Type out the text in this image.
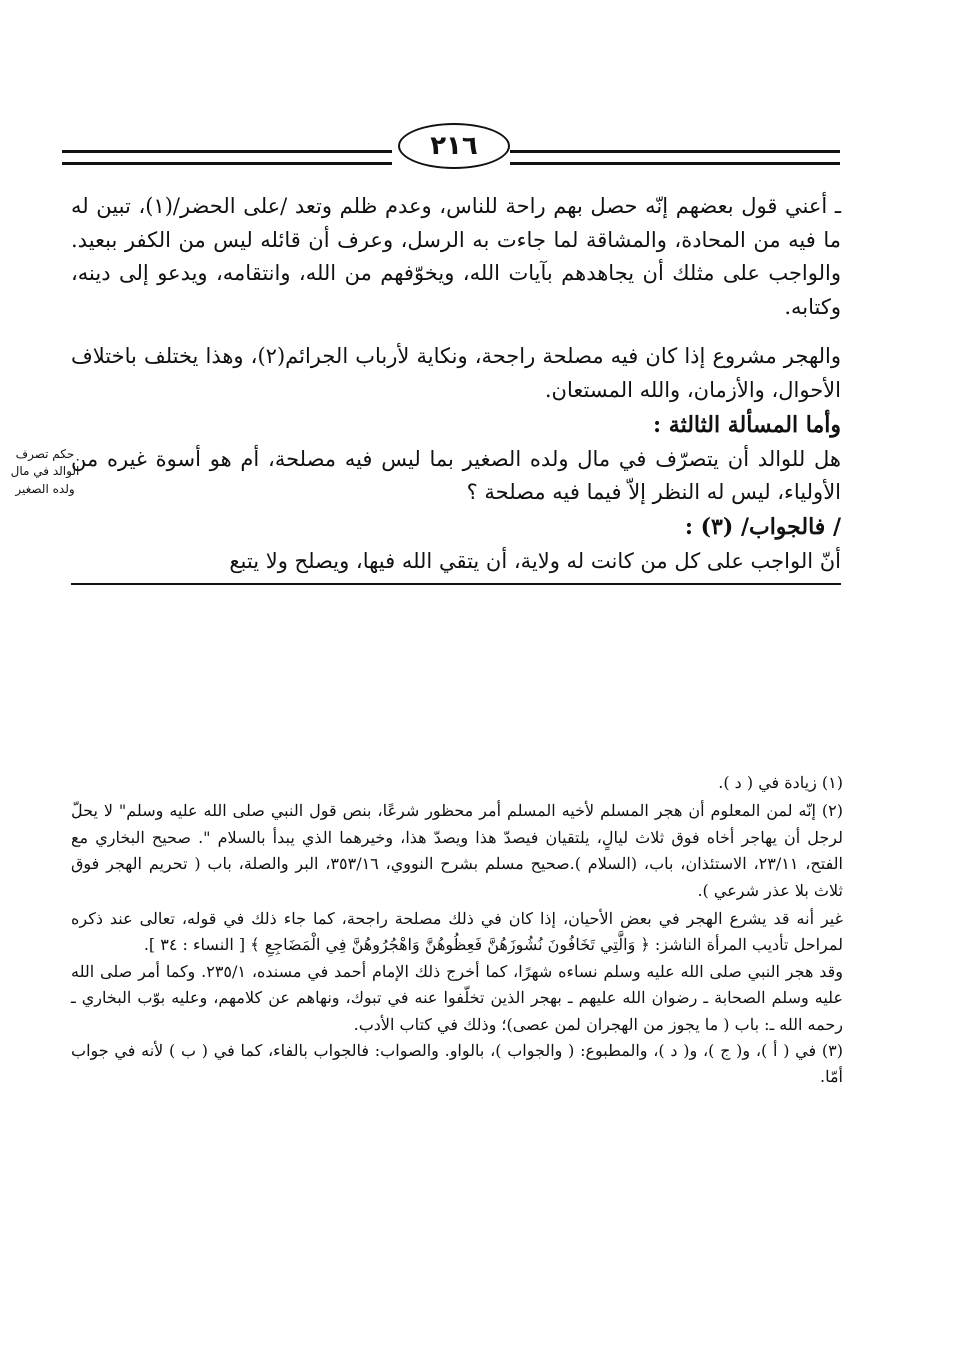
٢١٦

ـ أعني قول بعضهم إنّه حصل بهم راحة للناس، وعدم ظلم وتعد /على الحضر/(١)، تبين له ما فيه من المحادة، والمشاقة لما جاءت به الرسل، وعرف أن قائله ليس من الكفر ببعيد. والواجب على مثلك أن يجاهدهم بآيات الله، ويخوّفهم من الله، وانتقامه، ويدعو إلى دينه، وكتابه.

والهجر مشروع إذا كان فيه مصلحة راجحة، ونكاية لأرباب الجرائم(٢)، وهذا يختلف باختلاف الأحوال، والأزمان، والله المستعان.

وأما المسألة الثالثة :

هل للوالد أن يتصرّف في مال ولده الصغير بما ليس فيه مصلحة، أم هو أسوة غيره من الأولياء، ليس له النظر إلاّ فيما فيه مصلحة ؟

/ فالجواب/ (٣) :

أنّ الواجب على كل من كانت له ولاية، أن يتقي الله فيها، ويصلح ولا يتبع

حكم تصرف الوالد في مال ولده الصغير

(١) زيادة في ( د ).

(٢) إنّه لمن المعلوم أن هجر المسلم لأخيه المسلم أمر محظور شرعًا، بنص قول النبي صلى الله عليه وسلم" لا يحلّ لرجل أن يهاجر أخاه فوق ثلاث ليالٍ، يلتقيان فيصدّ هذا ويصدّ هذا، وخيرهما الذي يبدأ بالسلام ". صحيح البخاري مع الفتح، ٢٣/١١، الاستئذان، باب، (السلام ).صحيح مسلم بشرح النووي، ٣٥٣/١٦، البر والصلة، باب ( تحريم الهجر فوق ثلاث بلا عذر شرعي ).

غير أنه قد يشرع الهجر في بعض الأحيان، إذا كان في ذلك مصلحة راجحة، كما جاء ذلك في قوله، تعالى عند ذكره لمراحل تأديب المرأة الناشز: ﴿ وَالَّتِي تَخَافُونَ نُشُوزَهُنَّ فَعِظُوهُنَّ وَاهْجُرُوهُنَّ فِي الْمَضَاجِعِ ﴾ [ النساء : ٣٤ ].

وقد هجر النبي صلى الله عليه وسلم نساءه شهرًا، كما أخرج ذلك الإمام أحمد في مسنده، ٢٣٥/١. وكما أمر صلى الله عليه وسلم الصحابة ـ رضوان الله عليهم ـ بهجر الذين تخلّفوا عنه في تبوك، ونهاهم عن كلامهم، وعليه بوّب البخاري ـ رحمه الله ـ: باب ( ما يجوز من الهجران لمن عصى)؛ وذلك في كتاب الأدب.

(٣) في ( أ )، و( ج )، و( د )، والمطبوع: ( والجواب )، بالواو. والصواب: فالجواب بالفاء، كما في ( ب ) لأنه في جواب أمّا.
